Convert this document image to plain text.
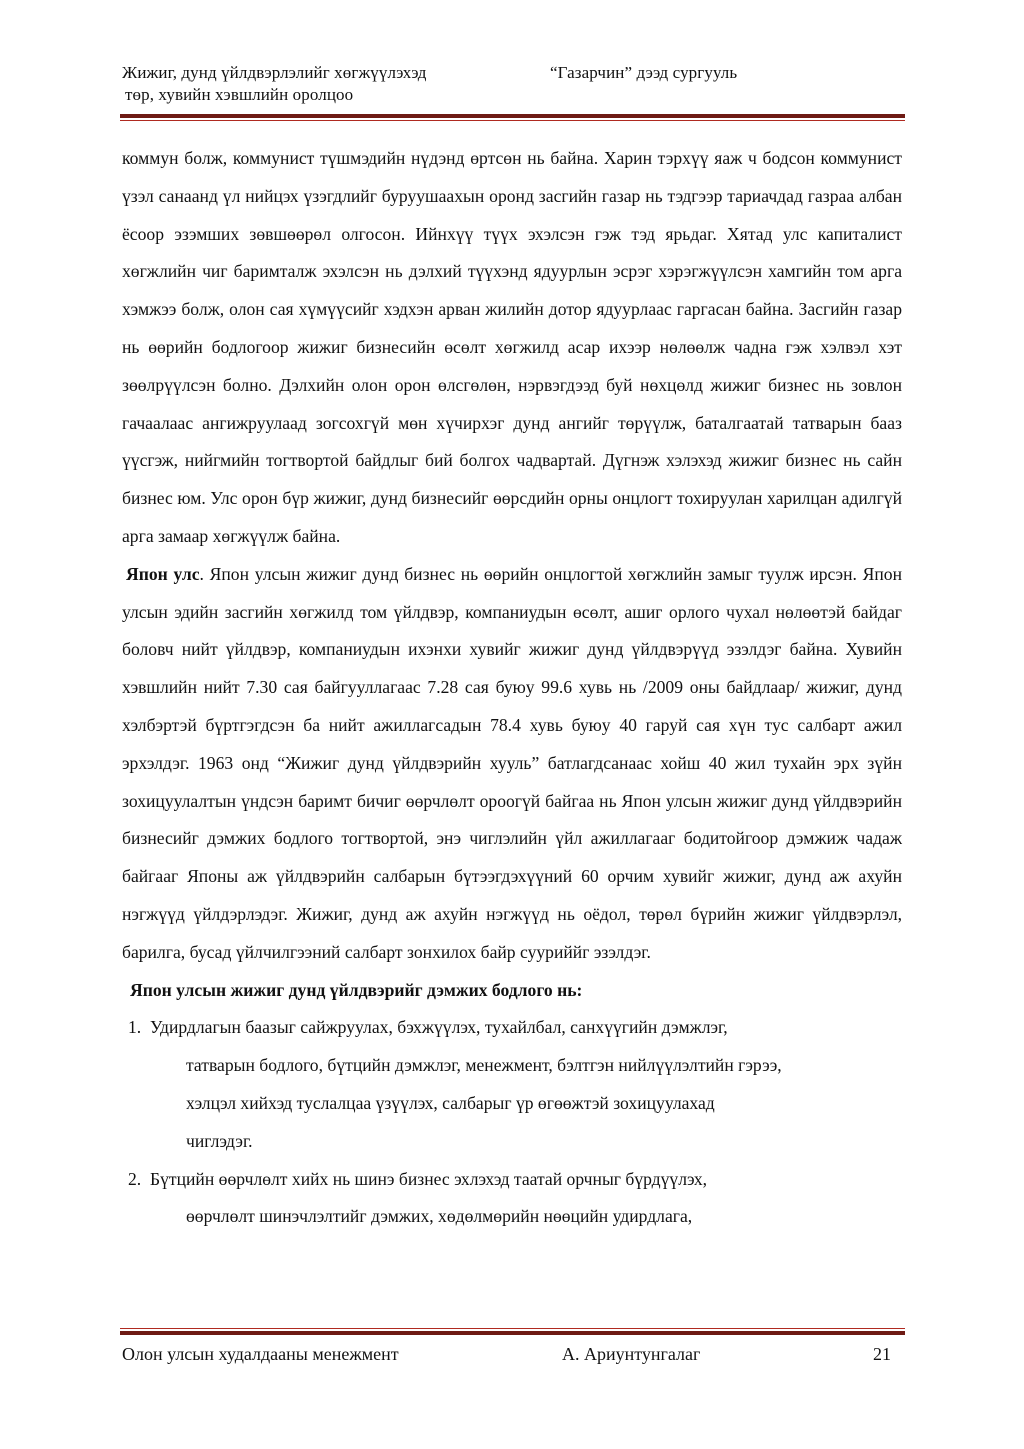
Жижиг, дунд үйлдвэрлэлийг хөгжүүлэхэд
төр, хувийн хэвшлийн оролцоо
“Газарчин” дээд сургууль

коммун болж, коммунист түшмэдийн нүдэнд өртсөн нь байна. Харин тэрхүү яаж ч бодсон коммунист үзэл санаанд үл нийцэх үзэгдлийг буруушаахын оронд засгийн газар нь тэдгээр тариачдад газраа албан ёсоор эзэмших зөвшөөрөл олгосон. Ийнхүү түүх эхэлсэн гэж тэд ярьдаг. Хятад улс капиталист хөгжлийн чиг баримталж эхэлсэн нь дэлхий түүхэнд ядуурлын эсрэг хэрэгжүүлсэн хамгийн том арга хэмжээ болж, олон сая хүмүүсийг хэдхэн арван жилийн дотор ядуурлаас гаргасан байна. Засгийн газар нь өөрийн бодлогоор жижиг бизнесийн өсөлт хөгжилд асар ихээр нөлөөлж чадна гэж хэлвэл хэт зөөлрүүлсэн болно. Дэлхийн олон орон өлсгөлөн, нэрвэгдээд буй нөхцөлд жижиг бизнес нь зовлон гачаалаас ангижруулаад зогсохгүй мөн хүчирхэг дунд ангийг төрүүлж, баталгаатай татварын бааз үүсгэж, нийгмийн тогтвортой байдлыг бий болгох чадвартай. Дүгнэж хэлэхэд жижиг бизнес нь сайн бизнес юм. Улс орон бүр жижиг, дунд бизнесийг өөрсдийн орны онцлогт тохируулан харилцан адилгүй арга замаар хөгжүүлж байна.

Япон улс. Япон улсын жижиг дунд бизнес нь өөрийн онцлогтой хөгжлийн замыг туулж ирсэн. Япон улсын эдийн засгийн хөгжилд том үйлдвэр, компаниудын өсөлт, ашиг орлого чухал нөлөөтэй байдаг боловч нийт үйлдвэр, компаниудын ихэнхи хувийг жижиг дунд үйлдвэрүүд эзэлдэг байна. Хувийн хэвшлийн нийт 7.30 сая байгууллагаас 7.28 сая буюу 99.6 хувь нь /2009 оны байдлаар/ жижиг, дунд хэлбэртэй бүртгэгдсэн ба нийт ажиллагсадын 78.4 хувь буюу 40 гаруй сая хүн тус салбарт ажил эрхэлдэг. 1963 онд “Жижиг дунд үйлдвэрийн хууль” батлагдсанаас хойш 40 жил тухайн эрх зүйн зохицуулалтын үндсэн баримт бичиг өөрчлөлт ороогүй байгаа нь Япон улсын жижиг дунд үйлдвэрийн бизнесийг дэмжих бодлого тогтвортой, энэ чиглэлийн үйл ажиллагааг бодитойгоор дэмжиж чадаж байгааг Японы аж үйлдвэрийн салбарын бүтээгдэхүүний 60 орчим хувийг жижиг, дунд аж ахуйн нэгжүүд үйлдэрлэдэг. Жижиг, дунд аж ахуйн нэгжүүд нь оёдол, төрөл бүрийн жижиг үйлдвэрлэл, барилга, бусад үйлчилгээний салбарт зонхилох байр сууриййг эзэлдэг.

Япон улсын жижиг дунд үйлдвэрийг дэмжих бодлого нь:

1. Удирдлагын баазыг сайжруулах, бэхжүүлэх, тухайлбал, санхүүгийн дэмжлэг,
татварын бодлого, бүтцийн дэмжлэг, менежмент, бэлтгэн нийлүүлэлтийн гэрээ,
хэлцэл хийхэд туслалцаа үзүүлэх, салбарыг үр өгөөжтэй зохицуулахад
чиглэдэг.
2. Бүтцийн өөрчлөлт хийх нь шинэ бизнес эхлэхэд таатай орчныг бүрдүүлэх,
өөрчлөлт шинэчлэлтийг дэмжих, хөдөлмөрийн нөөцийн удирдлага,
Олон улсын худалдааны менежмент	А. Ариунтунгалаг	21
